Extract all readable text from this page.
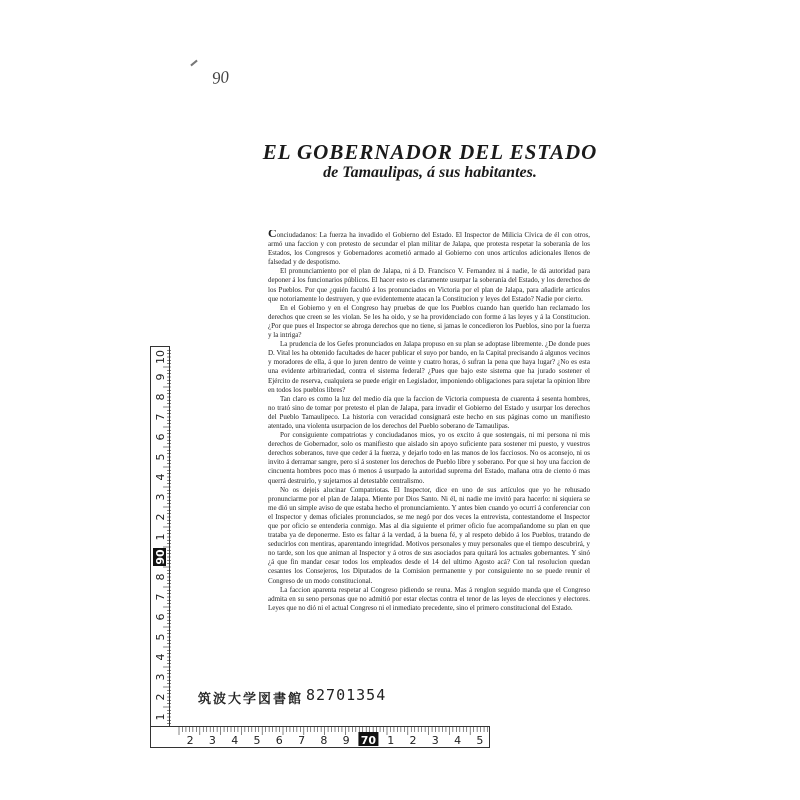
90
EL GOBERNADOR DEL ESTADO
de Tamaulipas, á sus habitantes.

Conciudadanos: La fuerza ha invadido el Gobierno del Estado. El Inspector de Milicia Cívica de él con otros, armó una faccion y con pretesto de secundar el plan militar de Jalapa, que protesta respetar la soberanía de los Estados, los Congresos y Gobernadores acometió armado al Gobierno con unos artículos adicionales llenos de falsedad y de despotismo.

El pronunciamiento por el plan de Jalapa, ni á D. Francisco V. Fernandez ni á nadie, le dá autoridad para deponer á los funcionarios públicos. El hacer esto es claramente usurpar la soberanía del Estado, y los derechos de los Pueblos. Por que ¿quién facultó á los pronunciados en Victoria por el plan de Jalapa, para añadirle artículos que notoriamente lo destruyen, y que evidentemente atacan la Constitucion y leyes del Estado? Nadie por cierto.

En el Gobierno y en el Congreso hay pruebas de que los Pueblos cuando han querido han reclamado los derechos que creen se les violan. Se les ha oido, y se ha providenciado con forme á las leyes y á la Constitucion. ¿Por que pues el Inspector se abroga derechos que no tiene, si jamas le concedieron los Pueblos, sino por la fuerza y la intriga?

La prudencia de los Gefes pronunciados en Jalapa propuso en su plan se adoptase libremente. ¿De donde pues D. Vital les ha obtenido facultades de hacer publicar el suyo por bando, en la Capital precisando á algunos vecinos y moradores de ella, á que lo juren dentro de veinte y cuatro horas, ó sufran la pena que haya lugar? ¿No es esta una evidente arbitrariedad, contra el sistema federal? ¿Pues que bajo este sistema que ha jurado sostener el Ejército de reserva, cualquiera se puede erigir en Legislador, imponiendo obligaciones para sujetar la opinion libre en todos los pueblos libres?

Tan claro es como la luz del medio día que la faccion de Victoria compuesta de cuarenta á sesenta hombres, no trató sino de tomar por pretesto el plan de Jalapa, para invadir el Gobierno del Estado y usurpar los derechos del Pueblo Tamaulipeco. La historia con veracidad consignará este hecho en sus páginas como un manifiesto atentado, una violenta usurpacion de los derechos del Pueblo soberano de Tamaulipas.

Por consiguiente compatriotas y conciudadanos mios, yo os excito á que sostengais, ni mi persona ni mis derechos de Gobernador, solo os manifiesto que aislado sin apoyo suficiente para sostener mi puesto, y vuestros derechos soberanos, tuve que ceder á la fuerza, y dejarlo todo en las manos de los facciosos. No os aconsejo, ni os invito á derramar sangre, pero sí á sostener los derechos de Pueblo libre y soberano. Por que si hoy una faccion de cincuenta hombres poco mas ó menos á usurpado la autoridad suprema del Estado, mañana otra de ciento ó mas querrá destruirlo, y sujetarnos al detestable centralismo.

No os dejeis alucinar Compatriotas. El Inspector, dice en uno de sus artículos que yo he rehusado pronunciarme por el plan de Jalapa. Miente por Dios Santo. Ni él, ni nadie me invitó para hacerlo: ni siquiera se me dió un simple aviso de que estaba hecho el pronunciamiento. Y antes bien cuando yo ocurrí á conferenciar con el Inspector y demas oficiales pronunciados, se me negó por dos veces la entrevista, contestandome el Inspector que por oficio se entenderia conmigo. Mas al dia siguiente el primer oficio fue acompañandome su plan en que trataba ya de deponerme. Esto es faltar á la verdad, á la buena fé, y al respeto debido á los Pueblos, tratando de seducirlos con mentiras, aparentando integridad. Motivos personales y muy personales que el tiempo descubrirá, y no tarde, son los que animan al Inspector y á otros de sus asociados para quitará los actuales gobernantes. Y sinó ¿á que fin mandar cesar todos los empleados desde el 14 del ultimo Agosto acá? Con tal resolucion quedan cesantes los Consejeros, los Diputados de la Comision permanente y por consiguiente no se puede reunir el Congreso de un modo constitucional.

La faccion aparenta respetar al Congreso pidiendo se reuna. Mas á renglon seguido manda que el Congreso admita en su seno personas que no admitió por estar electas contra el tenor de las leyes de elecciones y electores. Leyes que no dió ni el actual Congreso ni el inmediato precedente, sino el primero constitucional del Estado.

筑波大学図書館 82701354
1
2
3
4
5
6
7
8
90
1
2
3
4
5
6
7
8
9
10
2 3 4 5 6 7 8 9 70 1 2 3 4 5
